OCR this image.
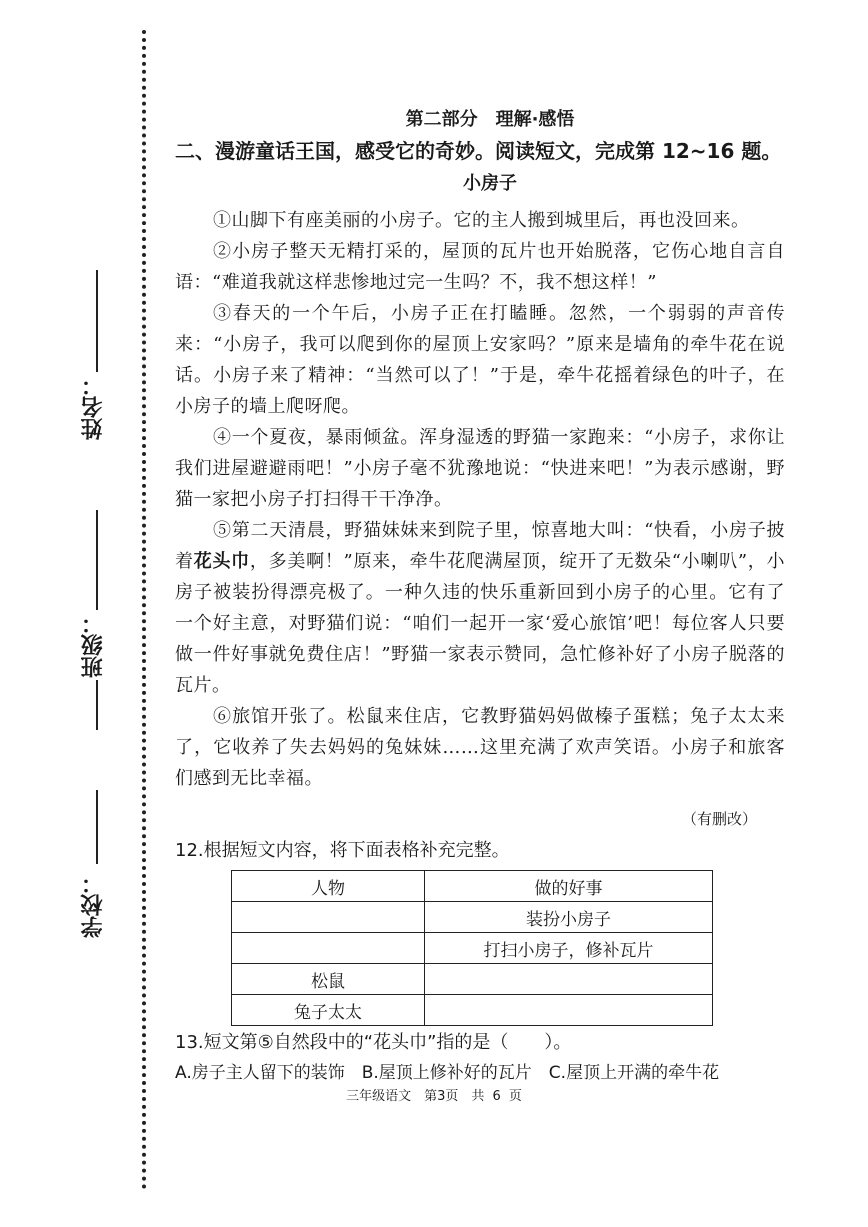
姓名：
班级：
学校：
第二部分　理解·感悟
二、漫游童话王国，感受它的奇妙。阅读短文，完成第 12~16 题。
小房子

①山脚下有座美丽的小房子。它的主人搬到城里后，再也没回来。

②小房子整天无精打采的，屋顶的瓦片也开始脱落，它伤心地自言自语：“难道我就这样悲惨地过完一生吗？不，我不想这样！”

③春天的一个午后，小房子正在打瞌睡。忽然，一个弱弱的声音传来：“小房子，我可以爬到你的屋顶上安家吗？”原来是墙角的牵牛花在说话。小房子来了精神：“当然可以了！”于是，牵牛花摇着绿色的叶子，在小房子的墙上爬呀爬。

④一个夏夜，暴雨倾盆。浑身湿透的野猫一家跑来：“小房子，求你让我们进屋避避雨吧！”小房子毫不犹豫地说：“快进来吧！”为表示感谢，野猫一家把小房子打扫得干干净净。

⑤第二天清晨，野猫妹妹来到院子里，惊喜地大叫：“快看，小房子披着花头巾，多美啊！”原来，牵牛花爬满屋顶，绽开了无数朵“小喇叭”，小房子被装扮得漂亮极了。一种久违的快乐重新回到小房子的心里。它有了一个好主意，对野猫们说：“咱们一起开一家‘爱心旅馆’吧！每位客人只要做一件好事就免费住店！”野猫一家表示赞同，急忙修补好了小房子脱落的瓦片。

⑥旅馆开张了。松鼠来住店，它教野猫妈妈做榛子蛋糕；兔子太太来了，它收养了失去妈妈的兔妹妹……这里充满了欢声笑语。小房子和旅客们感到无比幸福。

（有删改）

12.根据短文内容，将下面表格补充完整。

人物	做的好事
	装扮小房子
	打扫小房子，修补瓦片
松鼠	
兔子太太	

13.短文第⑤自然段中的“花头巾”指的是（　　）。

A.房子主人留下的装饰　B.屋顶上修补好的瓦片　C.屋顶上开满的牵牛花

三年级语文　第3页　共 6 页
